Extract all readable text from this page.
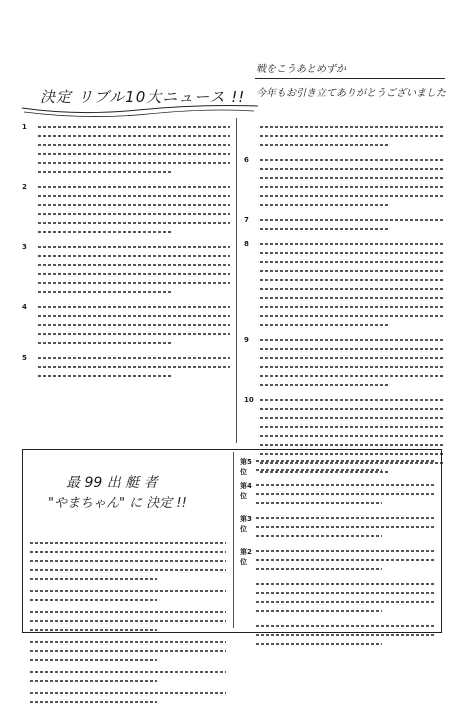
決定 リブル10大ニュース !!
戦をこうあとめずか
今年もお引き立てありがとうございました
1
2
3
4
5
6
7
8
9
10
最 99 出 艇 者
"やまちゃん" に 決定 !!
第5位
第4位
第3位
第2位
